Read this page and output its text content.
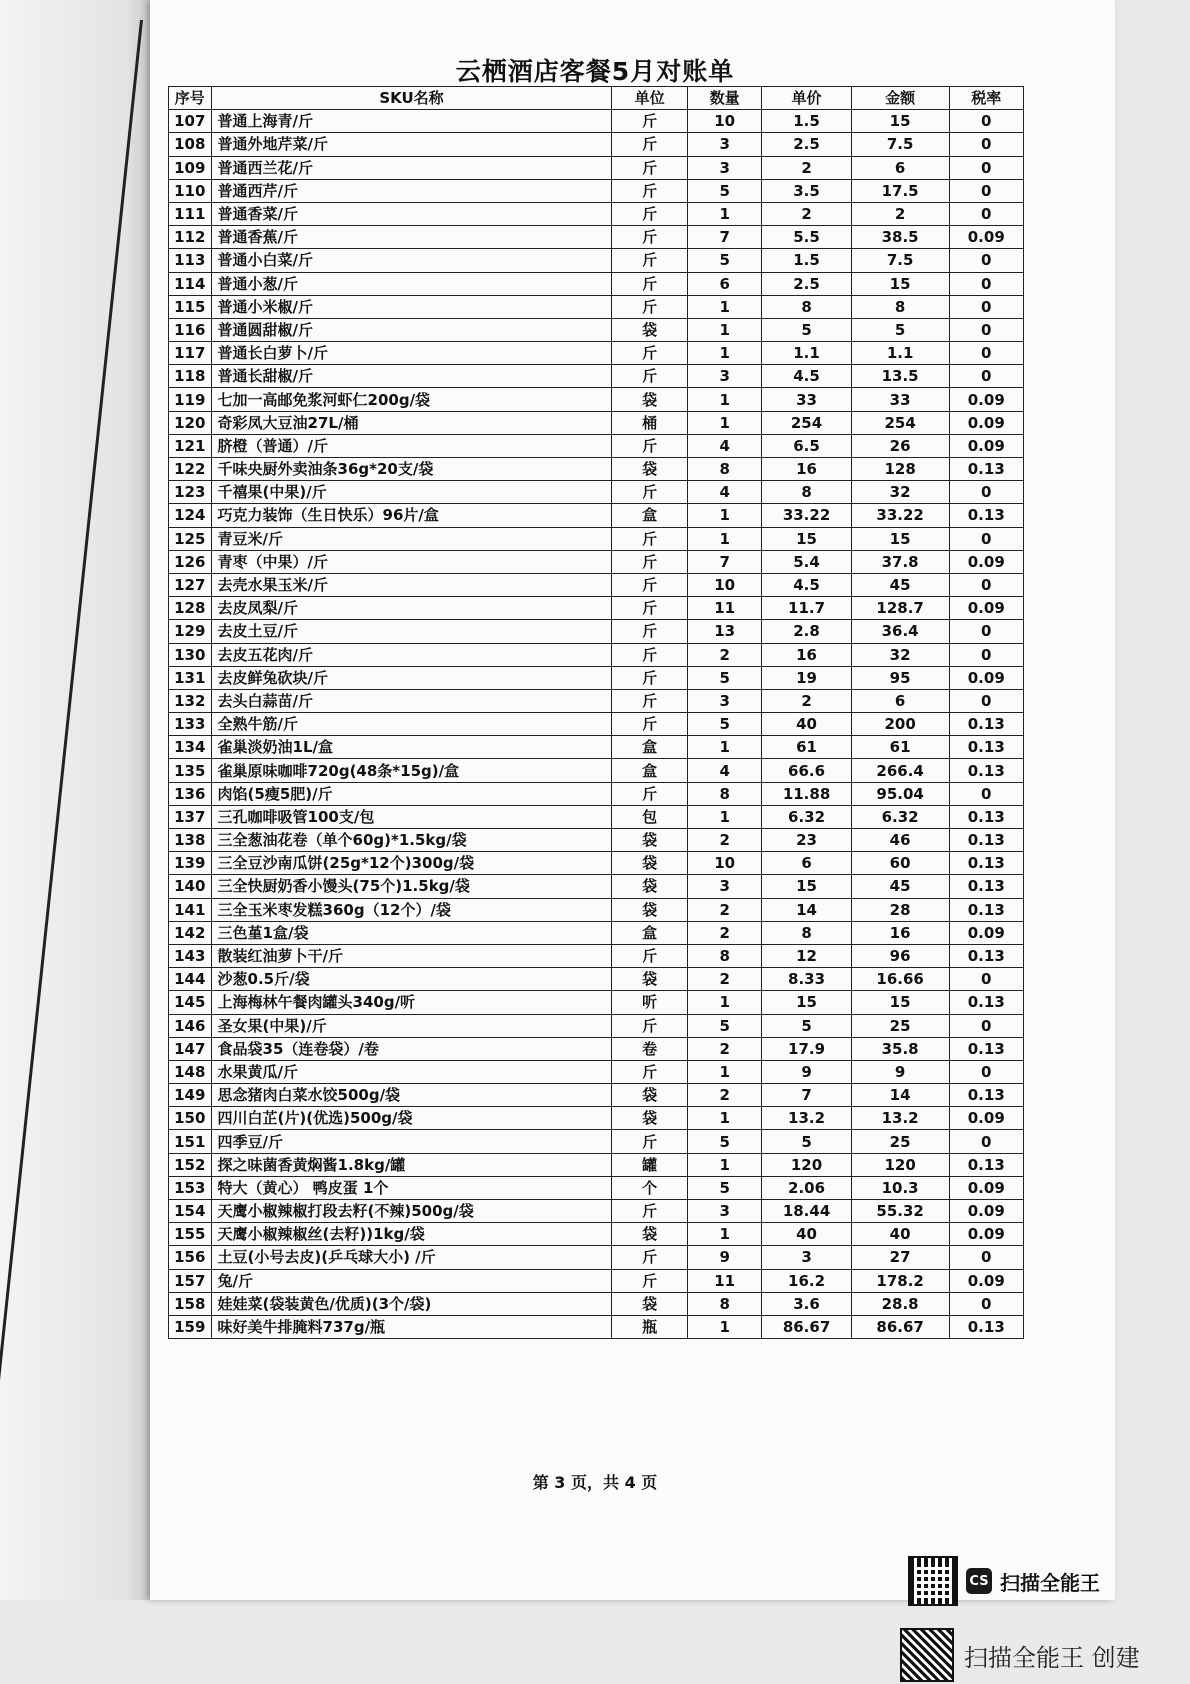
云栖酒店客餐5月对账单
序号	SKU名称	单位	数量	单价	金额	税率
107	普通上海青/斤	斤	10	1.5	15	0
108	普通外地芹菜/斤	斤	3	2.5	7.5	0
109	普通西兰花/斤	斤	3	2	6	0
110	普通西芹/斤	斤	5	3.5	17.5	0
111	普通香菜/斤	斤	1	2	2	0
112	普通香蕉/斤	斤	7	5.5	38.5	0.09
113	普通小白菜/斤	斤	5	1.5	7.5	0
114	普通小葱/斤	斤	6	2.5	15	0
115	普通小米椒/斤	斤	1	8	8	0
116	普通圆甜椒/斤	袋	1	5	5	0
117	普通长白萝卜/斤	斤	1	1.1	1.1	0
118	普通长甜椒/斤	斤	3	4.5	13.5	0
119	七加一高邮免浆河虾仁200g/袋	袋	1	33	33	0.09
120	奇彩凤大豆油27L/桶	桶	1	254	254	0.09
121	脐橙（普通）/斤	斤	4	6.5	26	0.09
122	千味央厨外卖油条36g*20支/袋	袋	8	16	128	0.13
123	千禧果(中果)/斤	斤	4	8	32	0
124	巧克力装饰（生日快乐）96片/盒	盒	1	33.22	33.22	0.13
125	青豆米/斤	斤	1	15	15	0
126	青枣（中果）/斤	斤	7	5.4	37.8	0.09
127	去壳水果玉米/斤	斤	10	4.5	45	0
128	去皮凤梨/斤	斤	11	11.7	128.7	0.09
129	去皮土豆/斤	斤	13	2.8	36.4	0
130	去皮五花肉/斤	斤	2	16	32	0
131	去皮鲜兔砍块/斤	斤	5	19	95	0.09
132	去头白蒜苗/斤	斤	3	2	6	0
133	全熟牛筋/斤	斤	5	40	200	0.13
134	雀巢淡奶油1L/盒	盒	1	61	61	0.13
135	雀巢原味咖啡720g(48条*15g)/盒	盒	4	66.6	266.4	0.13
136	肉馅(5瘦5肥)/斤	斤	8	11.88	95.04	0
137	三孔咖啡吸管100支/包	包	1	6.32	6.32	0.13
138	三全葱油花卷（单个60g)*1.5kg/袋	袋	2	23	46	0.13
139	三全豆沙南瓜饼(25g*12个)300g/袋	袋	10	6	60	0.13
140	三全快厨奶香小馒头(75个)1.5kg/袋	袋	3	15	45	0.13
141	三全玉米枣发糕360g（12个）/袋	袋	2	14	28	0.13
142	三色堇1盒/袋	盒	2	8	16	0.09
143	散装红油萝卜干/斤	斤	8	12	96	0.13
144	沙葱0.5斤/袋	袋	2	8.33	16.66	0
145	上海梅林午餐肉罐头340g/听	听	1	15	15	0.13
146	圣女果(中果)/斤	斤	5	5	25	0
147	食品袋35（连卷袋）/卷	卷	2	17.9	35.8	0.13
148	水果黄瓜/斤	斤	1	9	9	0
149	思念猪肉白菜水饺500g/袋	袋	2	7	14	0.13
150	四川白芷(片)(优选)500g/袋	袋	1	13.2	13.2	0.09
151	四季豆/斤	斤	5	5	25	0
152	探之味菌香黄焖酱1.8kg/罐	罐	1	120	120	0.13
153	特大（黄心） 鸭皮蛋 1个	个	5	2.06	10.3	0.09
154	天鹰小椒辣椒打段去籽(不辣)500g/袋	斤	3	18.44	55.32	0.09
155	天鹰小椒辣椒丝(去籽))1kg/袋	袋	1	40	40	0.09
156	土豆(小号去皮)(乒乓球大小) /斤	斤	9	3	27	0
157	兔/斤	斤	11	16.2	178.2	0.09
158	娃娃菜(袋装黄色/优质)(3个/袋)	袋	8	3.6	28.8	0
159	味好美牛排腌料737g/瓶	瓶	1	86.67	86.67	0.13
第 3 页，共 4 页
CS 扫描全能王
扫描全能王 创建
